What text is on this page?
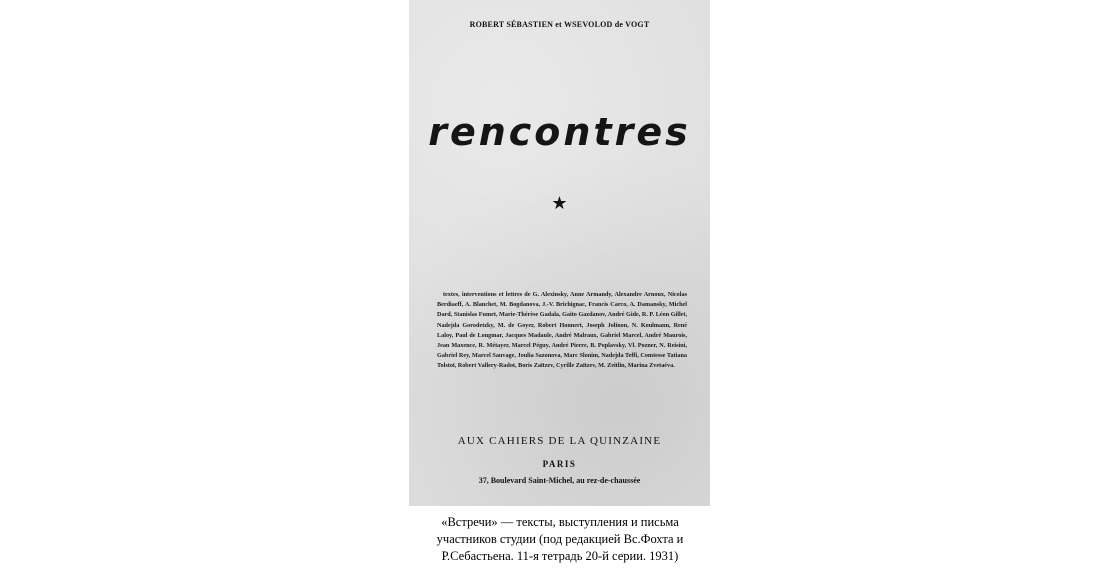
ROBERT SÉBASTIEN et WSEVOLOD de VOGT
rencontres
★
textes, interventions et lettres de G. Alexinsky, Anne Armandy, Alexandre Arnoux, Nicolas Berdiaeff, A. Blanchet, M. Bogdanova, J.-V. Brichignac, Francis Carco, A. Damansky, Michel Dard, Stanislas Fumet, Marie-Thérèse Gadala, Gaito Gazdanov, André Gide, R. P. Léon Gillet, Nadejda Gorodetzky, M. de Goyer, Robert Honnert, Joseph Jolinon, N. Koulmann, René Laloy, Paul de Longmar, Jacques Madaule, André Malraux, Gabriel Marcel, André Maurois, Jean Maxence, R. Métayer, Marcel Péguy, André Pierre, B. Poplavsky, Vl. Pozner, N. Reisini, Gabriel Rey, Marcel Sauvage, Joulia Sazonova, Marc Slonim, Nadejda Teffi, Comtesse Tatiana Tolstoï, Robert Vallery-Radot, Boris Zaïtzev, Cyrille Zaïtzev, M. Zeitlin, Marina Zvetaéva.
AUX CAHIERS DE LA QUINZAINE
PARIS
37, Boulevard Saint-Michel, au rez-de-chaussée
«Встречи» — тексты, выступления и письма
участников студии (под редакцией Вс.Фохта и
Р.Себастьена. 11-я тетрадь 20-й серии. 1931)
